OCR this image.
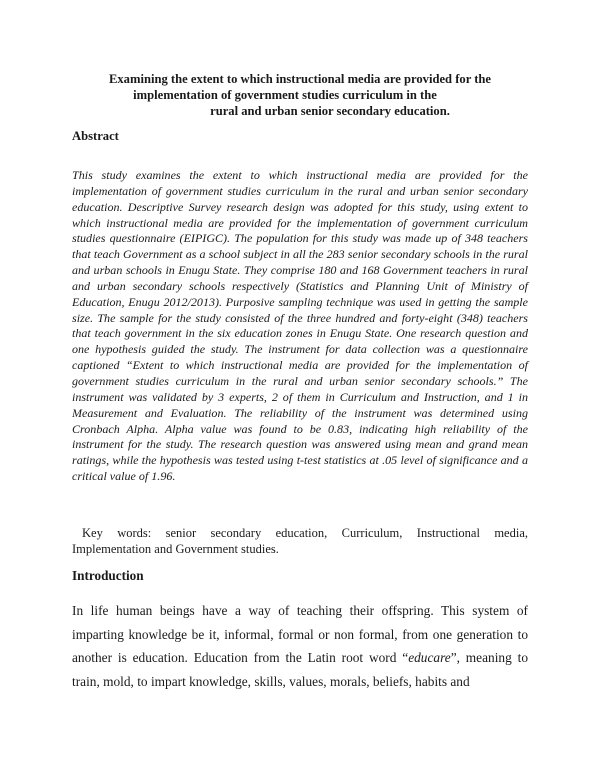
Examining the extent to which instructional media are provided for the
implementation of government studies curriculum in the
rural and urban senior secondary education.
Abstract

This study examines the extent to which instructional media are provided for the implementation of government studies curriculum in the rural and urban senior secondary education. Descriptive Survey research design was adopted for this study, using extent to which instructional media are provided for the implementation of government curriculum studies questionnaire (EIPIGC). The population for this study was made up of 348 teachers that teach Government as a school subject in all the 283 senior secondary schools in the rural and urban schools in Enugu State. They comprise 180 and 168 Government teachers in rural and urban secondary schools respectively (Statistics and Planning Unit of Ministry of Education, Enugu 2012/2013). Purposive sampling technique was used in getting the sample size. The sample for the study consisted of the three hundred and forty-eight (348) teachers that teach government in the six education zones in Enugu State. One research question and one hypothesis guided the study. The instrument for data collection was a questionnaire captioned “Extent to which instructional media are provided for the implementation of government studies curriculum in the rural and urban senior secondary schools.” The instrument was validated by 3 experts, 2 of them in Curriculum and Instruction, and 1 in Measurement and Evaluation. The reliability of the instrument was determined using Cronbach Alpha. Alpha value was found to be 0.83, indicating high reliability of the instrument for the study. The research question was answered using mean and grand mean ratings, while the hypothesis was tested using t-test statistics at .05 level of significance and a critical value of 1.96.

Key words: senior secondary education, Curriculum, Instructional media, Implementation and Government studies.

Introduction

In life human beings have a way of teaching their offspring. This system of imparting knowledge be it, informal, formal or non formal, from one generation to another is education. Education from the Latin root word “educare”, meaning to train, mold, to impart knowledge, skills, values, morals, beliefs, habits and
